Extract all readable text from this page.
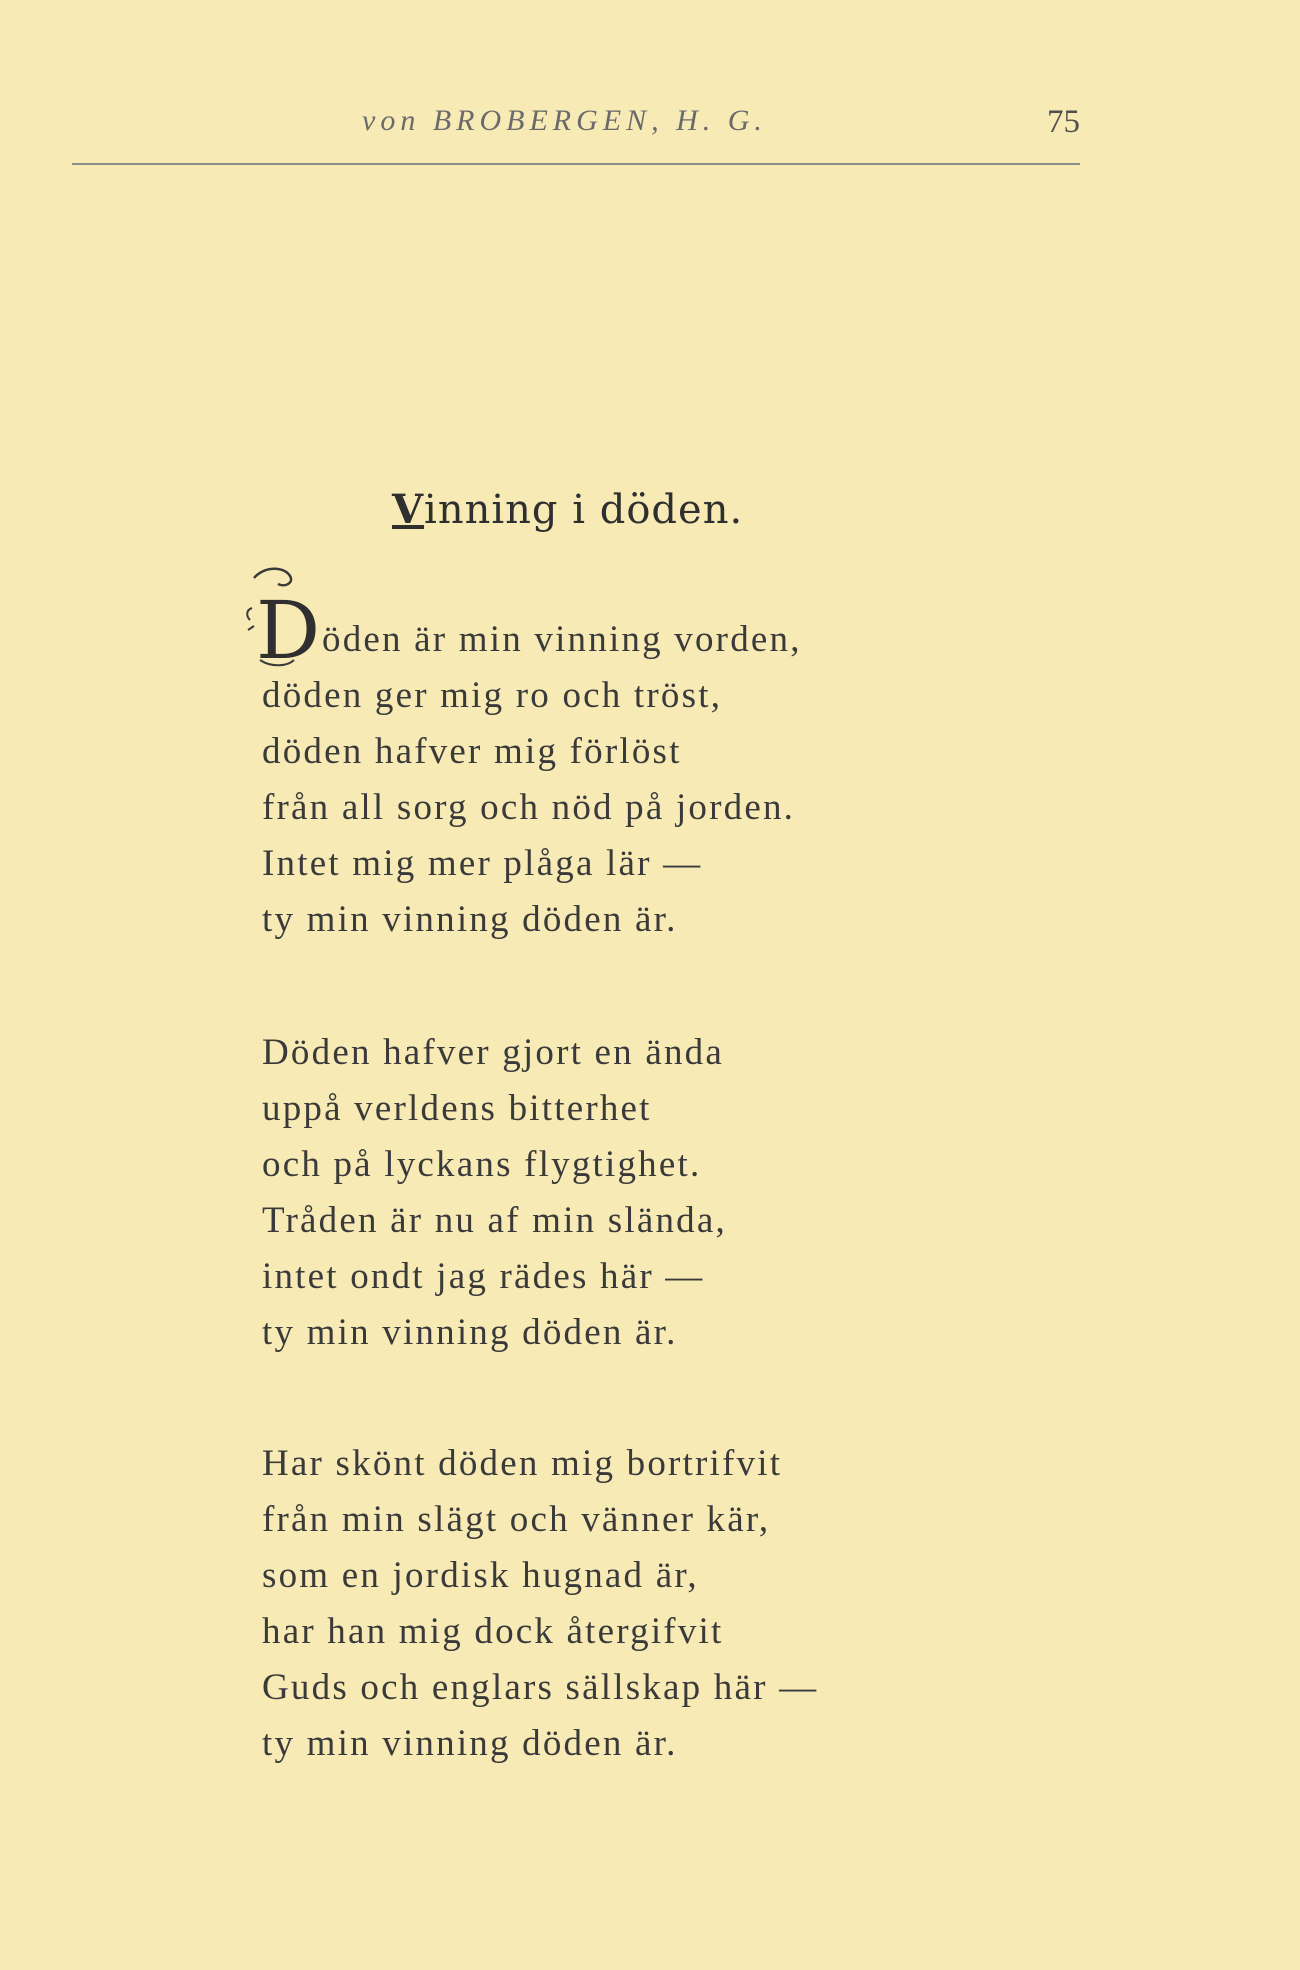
von BROBERGEN, H. G.	75
Vinning i döden.
D öden är min vinning vorden,
döden ger mig ro och tröst,
döden hafver mig förlöst
från all sorg och nöd på jorden.
Intet mig mer plåga lär —
ty min vinning döden är.
Döden hafver gjort en ända
uppå verldens bitterhet
och på lyckans flygtighet.
Tråden är nu af min slända,
intet ondt jag rädes här —
ty min vinning döden är.
Har skönt döden mig bortrifvit
från min slägt och vänner kär,
som en jordisk hugnad är,
har han mig dock återgifvit
Guds och englars sällskap här —
ty min vinning döden är.
